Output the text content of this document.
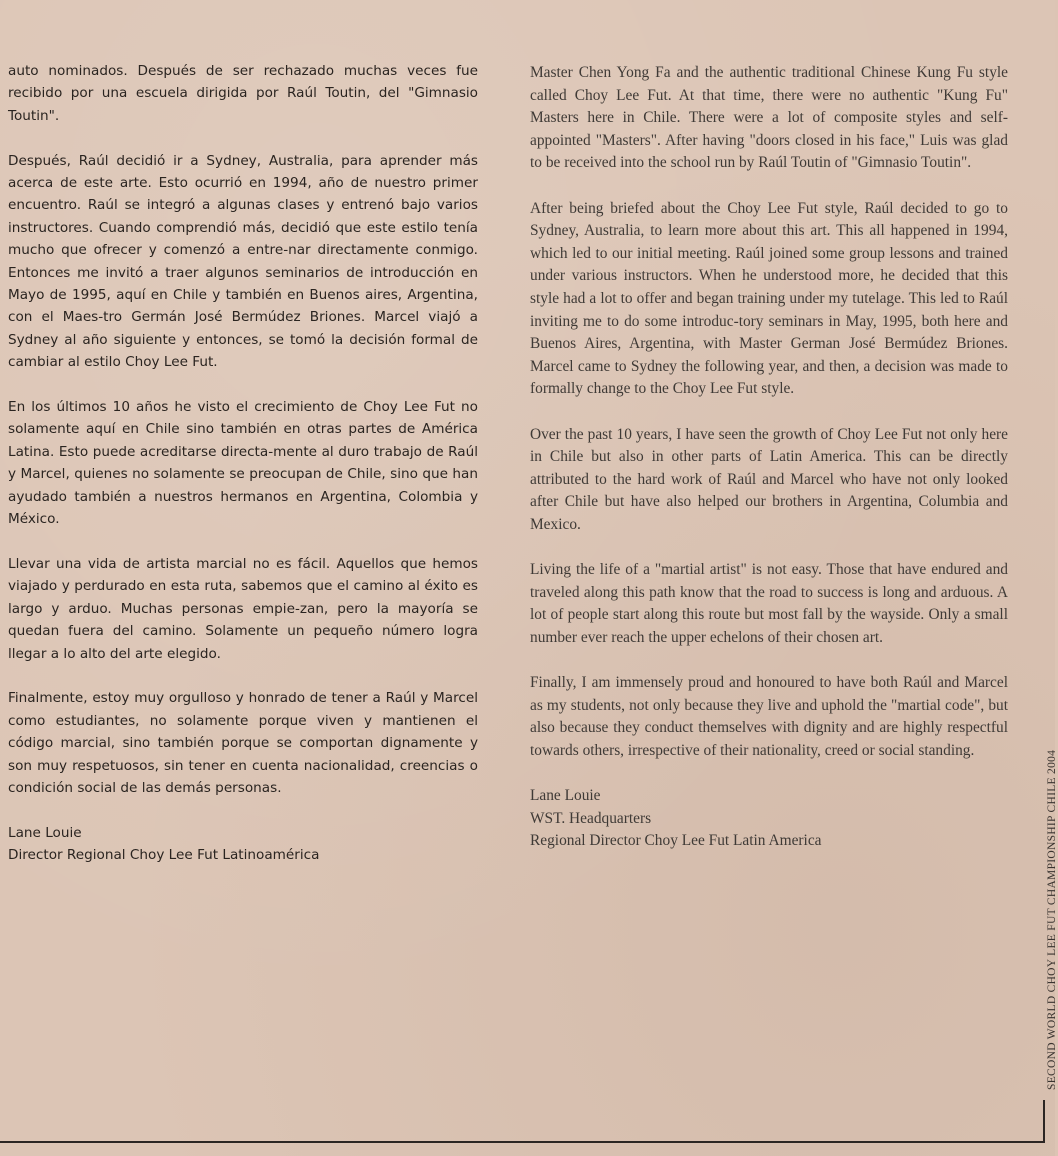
auto nominados. Después de ser rechazado muchas veces fue recibido por una escuela dirigida por Raúl Toutin, del "Gimnasio Toutin".

Después, Raúl decidió ir a Sydney, Australia, para aprender más acerca de este arte. Esto ocurrió en 1994, año de nuestro primer encuentro. Raúl se integró a algunas clases y entrenó bajo varios instructores. Cuando comprendió más, decidió que este estilo tenía mucho que ofrecer y comenzó a entre-nar directamente conmigo. Entonces me invitó a traer algunos seminarios de introducción en Mayo de 1995, aquí en Chile y también en Buenos aires, Argentina, con el Maes-tro Germán José Bermúdez Briones. Marcel viajó a Sydney al año siguiente y entonces, se tomó la decisión formal de cambiar al estilo Choy Lee Fut.

En los últimos 10 años he visto el crecimiento de Choy Lee Fut no solamente aquí en Chile sino también en otras partes de América Latina. Esto puede acreditarse directa-mente al duro trabajo de Raúl y Marcel, quienes no solamente se preocupan de Chile, sino que han ayudado también a nuestros hermanos en Argentina, Colombia y México.

Llevar una vida de artista marcial no es fácil. Aquellos que hemos viajado y perdurado en esta ruta, sabemos que el camino al éxito es largo y arduo. Muchas personas empie-zan, pero la mayoría se quedan fuera del camino. Solamente un pequeño número logra llegar a lo alto del arte elegido.

Finalmente, estoy muy orgulloso y honrado de tener a Raúl y Marcel como estudiantes, no solamente porque viven y mantienen el código marcial, sino también porque se comportan dignamente y son muy respetuosos, sin tener en cuenta nacionalidad, creencias o condición social de las demás personas.

Lane Louie
Director Regional Choy Lee Fut Latinoamérica

Master Chen Yong Fa and the authentic traditional Chinese Kung Fu style called Choy Lee Fut. At that time, there were no authentic "Kung Fu" Masters here in Chile. There were a lot of composite styles and self-appointed "Masters". After having "doors closed in his face," Luis was glad to be received into the school run by Raúl Toutin of "Gimnasio Toutin".

After being briefed about the Choy Lee Fut style, Raúl decided to go to Sydney, Australia, to learn more about this art. This all happened in 1994, which led to our initial meeting. Raúl joined some group lessons and trained under various instructors. When he understood more, he decided that this style had a lot to offer and began training under my tutelage. This led to Raúl inviting me to do some introduc-tory seminars in May, 1995, both here and Buenos Aires, Argentina, with Master German José Bermúdez Briones. Marcel came to Sydney the following year, and then, a decision was made to formally change to the Choy Lee Fut style.

Over the past 10 years, I have seen the growth of Choy Lee Fut not only here in Chile but also in other parts of Latin America. This can be directly attributed to the hard work of Raúl and Marcel who have not only looked after Chile but have also helped our brothers in Argentina, Columbia and Mexico.

Living the life of a "martial artist" is not easy. Those that have endured and traveled along this path know that the road to success is long and arduous. A lot of people start along this route but most fall by the wayside. Only a small number ever reach the upper echelons of their chosen art.

Finally, I am immensely proud and honoured to have both Raúl and Marcel as my students, not only because they live and uphold the "martial code", but also because they conduct themselves with dignity and are highly respectful towards others, irrespective of their nationality, creed or social standing.

Lane Louie
WST. Headquarters
Regional Director Choy Lee Fut Latin America	SECOND WORLD CHOY LEE FUT CHAMPIONSHIP CHILE 2004
